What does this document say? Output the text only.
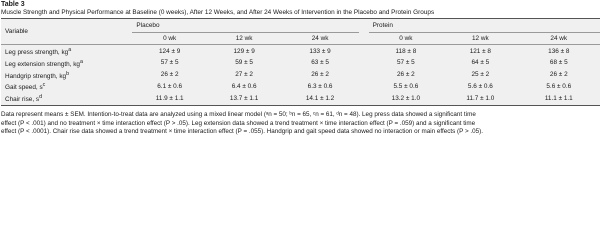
Table 3
Muscle Strength and Physical Performance at Baseline (0 weeks), After 12 Weeks, and After 24 Weeks of Intervention in the Placebo and Protein Groups
Variable	Placebo				Protein		
	0 wk	12 wk	24 wk		0 wk	12 wk	24 wk
Leg press strength, $kg^a$	124 ± 9	129 ± 9	133 ± 9		118 ± 8	121 ± 8	136 ± 8
Leg extension strength, $kg^a$	57 ± 5	59 ± 5	63 ± 5		57 ± 5	64 ± 5	68 ± 5
Handgrip strength, $kg^b$	26 ± 2	27 ± 2	26 ± 2		26 ± 2	25 ± 2	26 ± 2
Gait speed, $s^c$	6.1 ± 0.6	6.4 ± 0.6	6.3 ± 0.6		5.5 ± 0.6	5.6 ± 0.6	5.6 ± 0.6
Chair rise, $s^d$	11.9 ± 1.1	13.7 ± 1.1	14.1 ± 1.2		13.2 ± 1.0	11.7 ± 1.0	11.1 ± 1.1
Data represent means ± SEM. Intention-to-treat data are analyzed using a mixed linear model (ᵃn = 50; ᵇn = 65, ᶜn = 61, ᵈn = 48). Leg press data showed a significant time
effect (P < .001) and no treatment × time interaction effect (P > .05). Leg extension data showed a trend treatment × time interaction effect (P = .059) and a significant time
effect (P < .0001). Chair rise data showed a trend treatment × time interaction effect (P = .055). Handgrip and gait speed data showed no interaction or main effects (P > .05).
